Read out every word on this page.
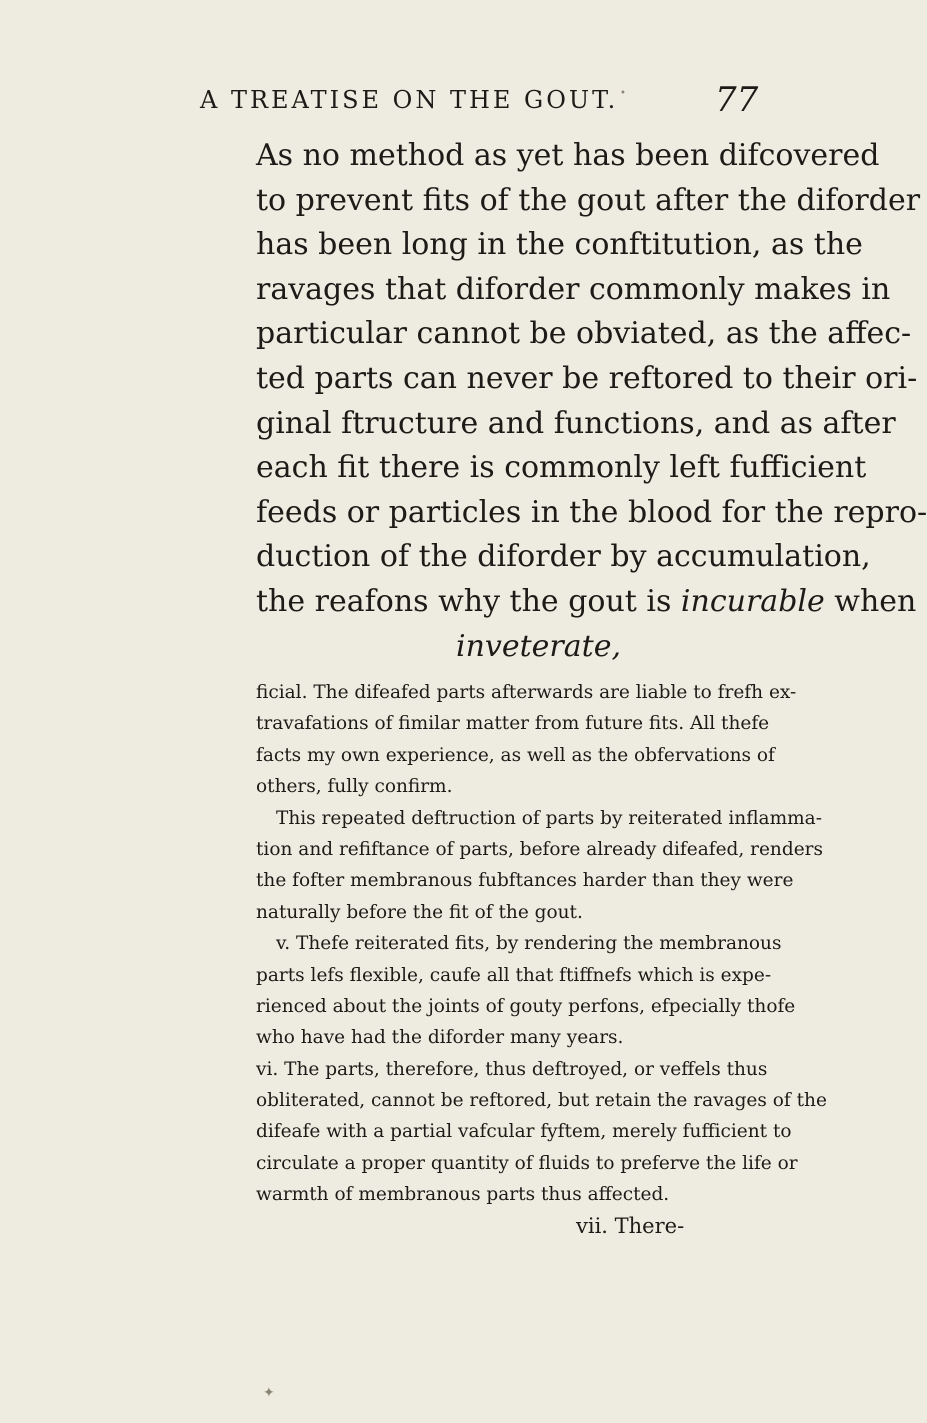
A TREATISE ON THE GOUT.	77
As no method as yet has been difcovered
to prevent fits of the gout after the diforder
has been long in the conftitution, as the
ravages that diforder commonly makes in
particular cannot be obviated, as the affec-
ted parts can never be reftored to their ori-
ginal ftructure and functions, and as after
each fit there is commonly left fufficient
feeds or particles in the blood for the repro-
duction of the diforder by accumulation,
the reafons why the gout is incurable when
inveterate,
ficial. The difeafed parts afterwards are liable to frefh ex-
travafations of fimilar matter from future fits. All thefe
facts my own experience, as well as the obfervations of
others, fully confirm.
This repeated deftruction of parts by reiterated inflamma-
tion and refiftance of parts, before already difeafed, renders
the fofter membranous fubftances harder than they were
naturally before the fit of the gout.
v. Thefe reiterated fits, by rendering the membranous
parts lefs flexible, caufe all that ftiffnefs which is expe-
rienced about the joints of gouty perfons, efpecially thofe
who have had the diforder many years.
vi. The parts, therefore, thus deftroyed, or veffels thus
obliterated, cannot be reftored, but retain the ravages of the
difeafe with a partial vafcular fyftem, merely fufficient to
circulate a proper quantity of fluids to preferve the life or
warmth of membranous parts thus affected.
vii. There-
✦
•
